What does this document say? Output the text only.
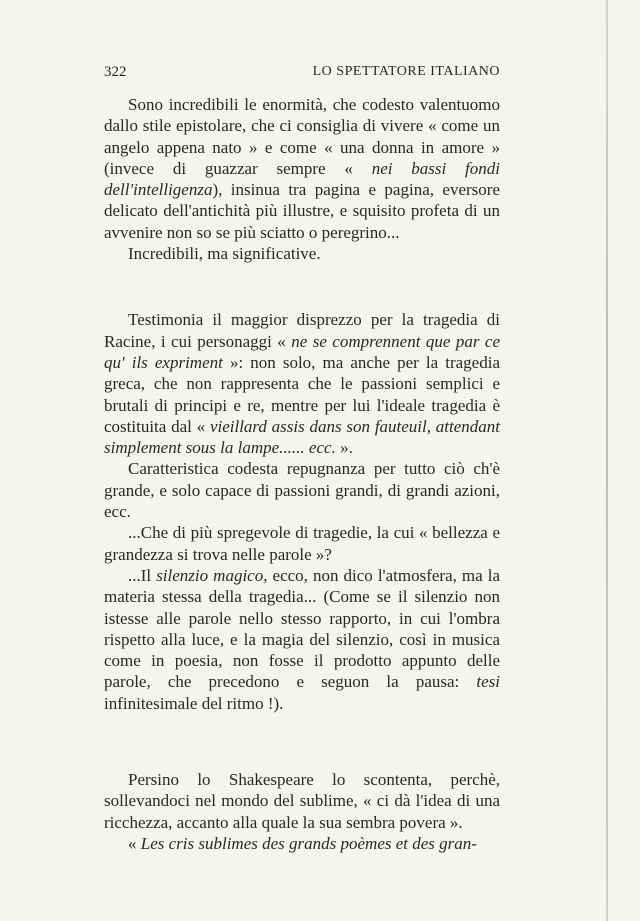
322	LO SPETTATORE ITALIANO

Sono incredibili le enormità, che codesto valentuomo dallo stile epistolare, che ci consiglia di vivere « come un angelo appena nato » e come « una donna in amore » (invece di guazzar sempre « nei bassi fondi dell'intelligenza), insinua tra pagina e pagina, eversore delicato dell'antichità più illustre, e squisito profeta di un avvenire non so se più sciatto o peregrino...

Incredibili, ma significative.

Testimonia il maggior disprezzo per la tragedia di Racine, i cui personaggi « ne se comprennent que par ce qu' ils expriment »: non solo, ma anche per la tragedia greca, che non rappresenta che le passioni semplici e brutali di principi e re, mentre per lui l'ideale tragedia è costituita dal « vieillard assis dans son fauteuil, attendant simplement sous la lampe...... ecc. ».

Caratteristica codesta repugnanza per tutto ciò ch'è grande, e solo capace di passioni grandi, di grandi azioni, ecc.

...Che di più spregevole di tragedie, la cui « bellezza e grandezza si trova nelle parole »?

...Il silenzio magico, ecco, non dico l'atmosfera, ma la materia stessa della tragedia... (Come se il silenzio non istesse alle parole nello stesso rapporto, in cui l'ombra rispetto alla luce, e la magia del silenzio, così in musica come in poesia, non fosse il prodotto appunto delle parole, che precedono e seguon la pausa: tesi infinitesimale del ritmo !).

Persino lo Shakespeare lo scontenta, perchè, sollevandoci nel mondo del sublime, « ci dà l'idea di una ricchezza, accanto alla quale la sua sembra povera ».

« Les cris sublimes des grands poèmes et des gran-
